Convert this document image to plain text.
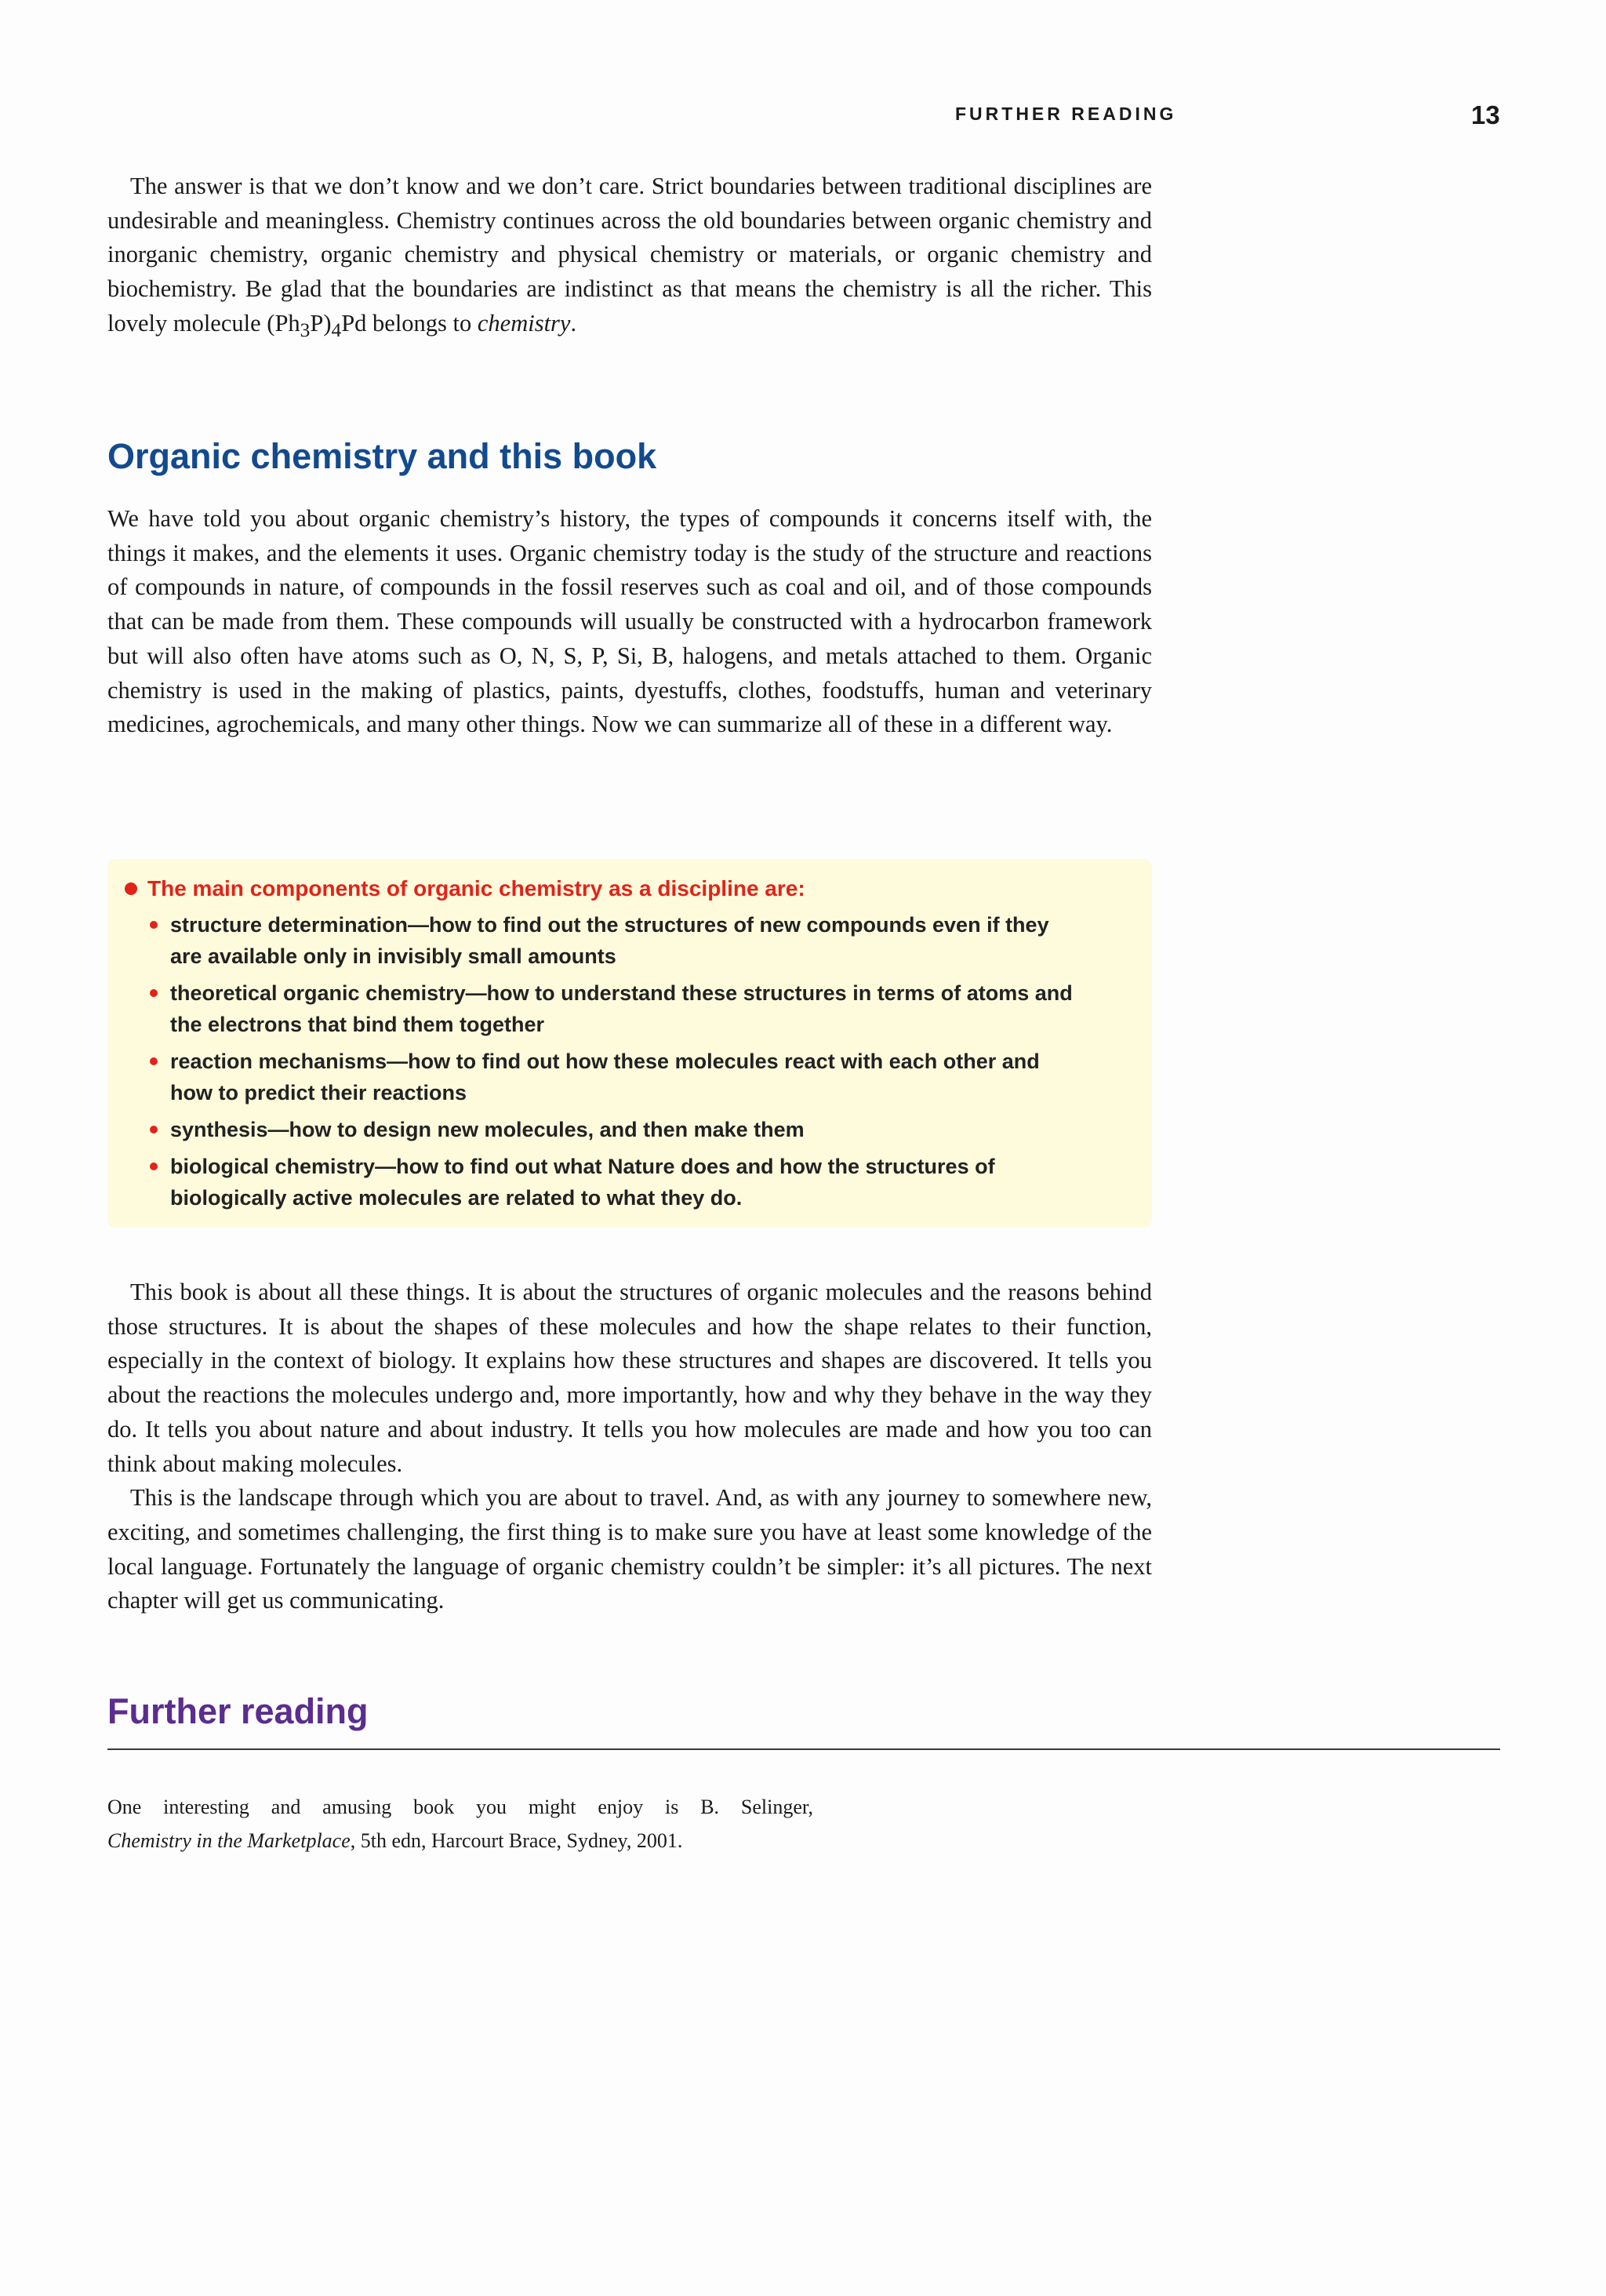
FURTHER READING	13

The answer is that we don’t know and we don’t care. Strict boundaries between traditional disciplines are undesirable and meaningless. Chemistry continues across the old boundaries between organic chemistry and inorganic chemistry, organic chemistry and physical chemistry or materials, or organic chemistry and biochemistry. Be glad that the boundaries are indistinct as that means the chemistry is all the richer. This lovely molecule $(Ph_3P)_4Pd$ belongs to chemistry.

Organic chemistry and this book

We have told you about organic chemistry’s history, the types of compounds it concerns itself with, the things it makes, and the elements it uses. Organic chemistry today is the study of the structure and reactions of compounds in nature, of compounds in the fossil reserves such as coal and oil, and of those compounds that can be made from them. These compounds will usually be constructed with a hydrocarbon framework but will also often have atoms such as O, N, S, P, Si, B, halogens, and metals attached to them. Organic chemistry is used in the making of plastics, paints, dyestuffs, clothes, foodstuffs, human and veterinary medicines, agrochemicals, and many other things. Now we can summarize all of these in a different way.

The main components of organic chemistry as a discipline are:
structure determination—how to find out the structures of new compounds even if they
are available only in invisibly small amounts
theoretical organic chemistry—how to understand these structures in terms of atoms and
the electrons that bind them together
reaction mechanisms—how to find out how these molecules react with each other and
how to predict their reactions
synthesis—how to design new molecules, and then make them
biological chemistry—how to find out what Nature does and how the structures of
biologically active molecules are related to what they do.

This book is about all these things. It is about the structures of organic molecules and the reasons behind those structures. It is about the shapes of these molecules and how the shape relates to their function, especially in the context of biology. It explains how these structures and shapes are discovered. It tells you about the reactions the molecules undergo and, more importantly, how and why they behave in the way they do. It tells you about nature and about industry. It tells you how molecules are made and how you too can think about making molecules.

This is the landscape through which you are about to travel. And, as with any journey to somewhere new, exciting, and sometimes challenging, the first thing is to make sure you have at least some knowledge of the local language. Fortunately the language of organic chemistry couldn’t be simpler: it’s all pictures. The next chapter will get us communicating.

Further reading
One interesting and amusing book you might enjoy is B. Selinger,
Chemistry in the Marketplace, 5th edn, Harcourt Brace, Sydney, 2001.
